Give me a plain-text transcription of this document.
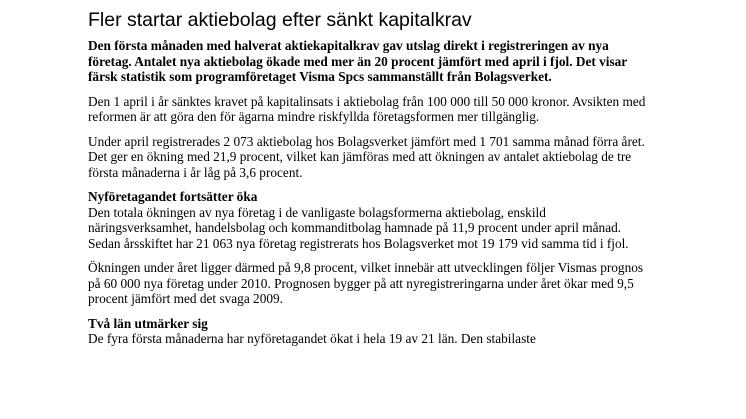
Fler startar aktiebolag efter sänkt kapitalkrav

Den första månaden med halverat aktiekapitalkrav gav utslag direkt i registreringen av nya företag. Antalet nya aktiebolag ökade med mer än 20 procent jämfört med april i fjol. Det visar färsk statistik som programföretaget Visma Spcs sammanställt från Bolagsverket.

Den 1 april i år sänktes kravet på kapitalinsats i aktiebolag från 100 000 till 50 000 kronor. Avsikten med reformen är att göra den för ägarna mindre riskfyllda företagsformen mer tillgänglig.

Under april registrerades 2 073 aktiebolag hos Bolagsverket jämfört med 1 701 samma månad förra året. Det ger en ökning med 21,9 procent, vilket kan jämföras med att ökningen av antalet aktiebolag de tre första månaderna i år låg på 3,6 procent.

Nyföretagandet fortsätter öka

Den totala ökningen av nya företag i de vanligaste bolagsformerna aktiebolag, enskild näringsverksamhet, handelsbolag och kommanditbolag hamnade på 11,9 procent under april månad. Sedan årsskiftet har 21 063 nya företag registrerats hos Bolagsverket mot 19 179 vid samma tid i fjol.

Ökningen under året ligger därmed på 9,8 procent, vilket innebär att utvecklingen följer Vismas prognos på 60 000 nya företag under 2010. Prognosen bygger på att nyregistreringarna under året ökar med 9,5 procent jämfört med det svaga 2009.

Två län utmärker sig

De fyra första månaderna har nyföretagandet ökat i hela 19 av 21 län. Den stabilaste
